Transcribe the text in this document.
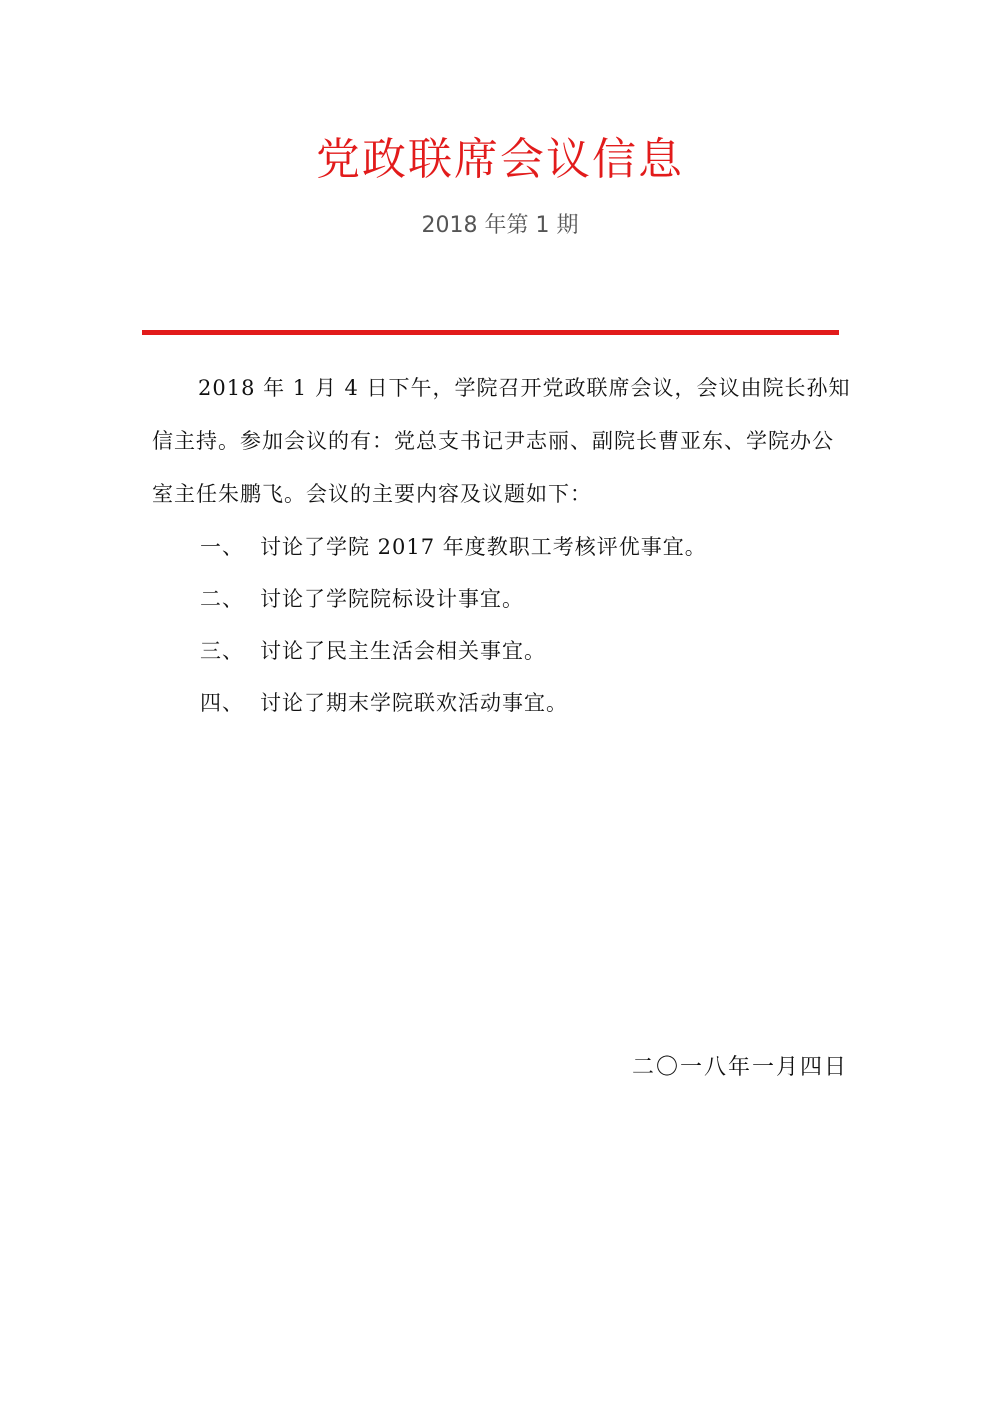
党政联席会议信息
2018 年第 1 期

2018 年 1 月 4 日下午，学院召开党政联席会议，会议由院长孙知信主持。参加会议的有：党总支书记尹志丽、副院长曹亚东、学院办公室主任朱鹏飞。会议的主要内容及议题如下：

一、 讨论了学院 2017 年度教职工考核评优事宜。
二、 讨论了学院院标设计事宜。
三、 讨论了民主生活会相关事宜。
四、 讨论了期末学院联欢活动事宜。
二〇一八年一月四日
